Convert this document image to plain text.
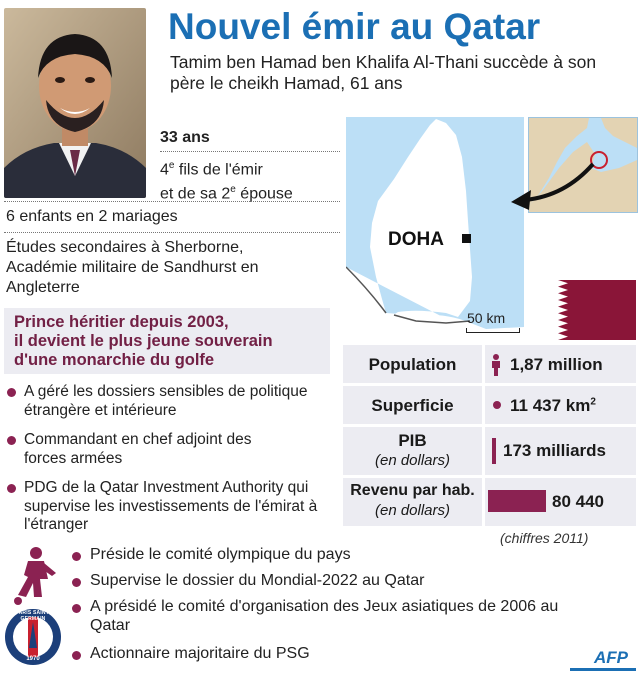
Nouvel émir au Qatar
Tamim ben Hamad ben Khalifa Al-Thani succède à son père le cheikh Hamad, 61 ans
33 ans
4e fils de l'émir
et de sa 2e épouse
6 enfants en 2 mariages
Études secondaires à Sherborne, Académie militaire de Sandhurst en Angleterre
Prince héritier depuis 2003,
il devient le plus jeune souverain
d'une monarchie du golfe
A géré les dossiers sensibles de politique étrangère et intérieure
Commandant en chef adjoint des forces armées
PDG de la Qatar Investment Authority qui supervise les investissements de l'émirat à l'étranger
PARIS SAINT-GERMAIN
1970
Préside le comité olympique du pays
Supervise le dossier du Mondial-2022 au Qatar
A présidé le comité d'organisation des Jeux asiatiques de 2006 au Qatar
Actionnaire majoritaire du PSG
DOHA
50 km
Population
Superficie
PIB
(en dollars)
Revenu par hab.
(en dollars)
1,87 million
11 437 $km^2$
173 milliards
80 440
(chiffres 2011)
AFP
